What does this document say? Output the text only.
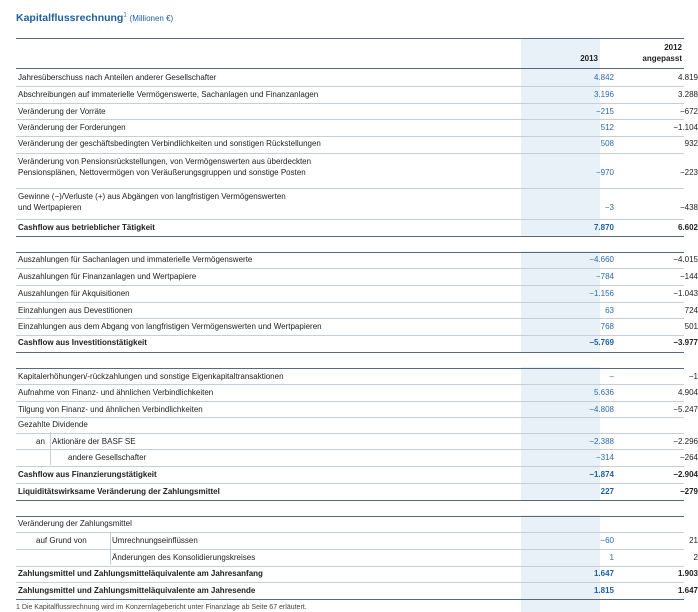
Kapitalflussrechnung$^1$ (Millionen €)
2013
2012
angepasst
Jahresüberschuss nach Anteilen anderer Gesellschafter	4.842	4.819
Abschreibungen auf immaterielle Vermögenswerte, Sachanlagen und Finanzanlagen	3.196	3.288
Veränderung der Vorräte	−215	−672
Veränderung der Forderungen	512	−1.104
Veränderung der geschäftsbedingten Verbindlichkeiten und sonstigen Rückstellungen	508	932
Veränderung von Pensionsrückstellungen, von Vermögenswerten aus überdeckten
Pensionsplänen, Nettovermögen von Veräußerungsgruppen und sonstige Posten	−970	−223
Gewinne (−)/Verluste (+) aus Abgängen von langfristigen Vermögenswerten
und Wertpapieren	−3	−438
Cashflow aus betrieblicher Tätigkeit	7.870	6.602
Auszahlungen für Sachanlagen und immaterielle Vermögenswerte	−4.660	−4.015
Auszahlungen für Finanzanlagen und Wertpapiere	−784	−144
Auszahlungen für Akquisitionen	−1.156	−1.043
Einzahlungen aus Devestitionen	63	724
Einzahlungen aus dem Abgang von langfristigen Vermögenswerten und Wertpapieren	768	501
Cashflow aus Investitionstätigkeit	−5.769	−3.977
Kapitalerhöhungen/-rückzahlungen und sonstige Eigenkapitaltransaktionen	–	−1
Aufnahme von Finanz- und ähnlichen Verbindlichkeiten	5.636	4.904
Tilgung von Finanz- und ähnlichen Verbindlichkeiten	−4.808	−5.247
Gezahlte Dividende
an Aktionäre der BASF SE	−2.388	−2.296
andere Gesellschafter	−314	−264
Cashflow aus Finanzierungstätigkeit	−1.874	−2.904
Liquiditätswirksame Veränderung der Zahlungsmittel	227	−279
Veränderung der Zahlungsmittel
auf Grund von	Umrechnungseinflüssen	−60	21
Änderungen des Konsolidierungskreises	1	2
Zahlungsmittel und Zahlungsmitteläquivalente am Jahresanfang	1.647	1.903
Zahlungsmittel und Zahlungsmitteläquivalente am Jahresende	1.815	1.647
1 Die Kapitalflussrechnung wird im Konzernlagebericht unter Finanzlage ab Seite 67 erläutert.
